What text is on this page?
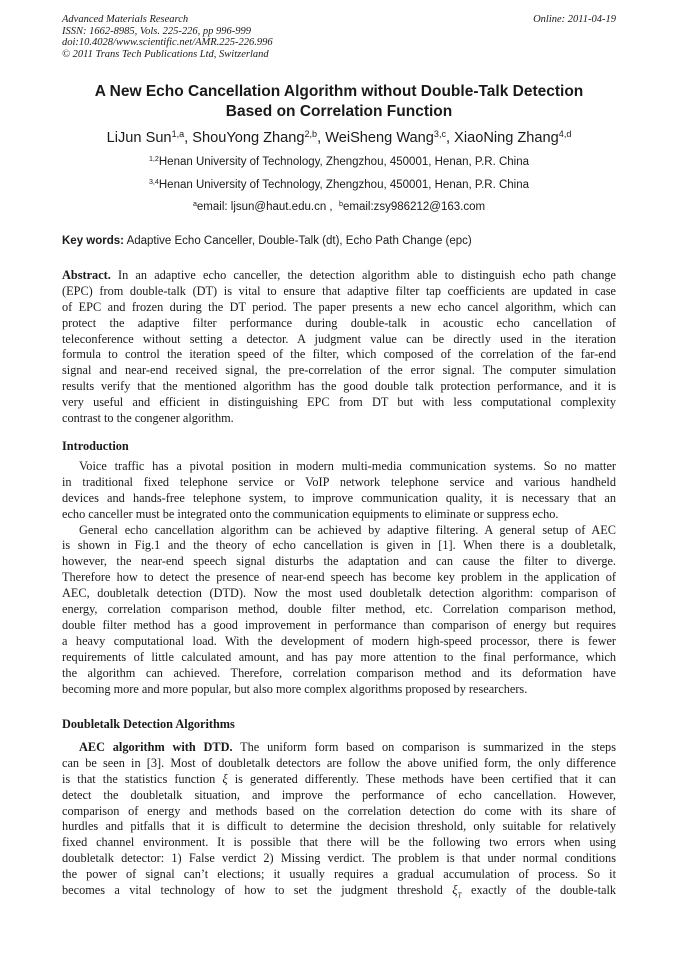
Advanced Materials Research
ISSN: 1662-8985, Vols. 225-226, pp 996-999
doi:10.4028/www.scientific.net/AMR.225-226.996
© 2011 Trans Tech Publications Ltd, Switzerland
Online: 2011-04-19
A New Echo Cancellation Algorithm without Double-Talk Detection
Based on Correlation Function
LiJun Sun$^{1,a}$, ShouYong Zhang$^{2,b}$, WeiSheng Wang$^{3,c}$, XiaoNing Zhang$^{4,d}$
$^{1,2}$Henan University of Technology, Zhengzhou, 450001, Henan, P.R. China
$^{3,4}$Henan University of Technology, Zhengzhou, 450001, Henan, P.R. China
$^a$email: ljsun@haut.edu.cn , $^b$email:zsy986212@163.com
Key words: Adaptive Echo Canceller, Double-Talk (dt), Echo Path Change (epc)
Abstract. In an adaptive echo canceller, the detection algorithm able to distinguish echo path change
(EPC) from double-talk (DT) is vital to ensure that adaptive filter tap coefficients are updated in case
of EPC and frozen during the DT period. The paper presents a new echo cancel algorithm, which can
protect the adaptive filter performance during double-talk in acoustic echo cancellation of
teleconference without setting a detector. A judgment value can be directly used in the iteration
formula to control the iteration speed of the filter, which composed of the correlation of the far-end
signal and near-end received signal, the pre-correlation of the error signal. The computer simulation
results verify that the mentioned algorithm has the good double talk protection performance, and it is
very useful and efficient in distinguishing EPC from DT but with less computational complexity
contrast to the congener algorithm.
Introduction
Voice traffic has a pivotal position in modern multi-media communication systems. So no matter
in traditional fixed telephone service or VoIP network telephone service and various handheld
devices and hands-free telephone system, to improve communication quality, it is necessary that an
echo canceller must be integrated onto the communication equipments to eliminate or suppress echo.
General echo cancellation algorithm can be achieved by adaptive filtering. A general setup of AEC
is shown in Fig.1 and the theory of echo cancellation is given in [1]. When there is a doubletalk,
however, the near-end speech signal disturbs the adaptation and can cause the filter to diverge.
Therefore how to detect the presence of near-end speech has become key problem in the application of
AEC, doubletalk detection (DTD). Now the most used doubletalk detection algorithm: comparison of
energy, correlation comparison method, double filter method, etc. Correlation comparison method,
double filter method has a good improvement in performance than comparison of energy but requires
a heavy computational load. With the development of modern high-speed processor, there is fewer
requirements of little calculated amount, and has pay more attention to the final performance, which
the algorithm can achieved. Therefore, correlation comparison method and its deformation have
becoming more and more popular, but also more complex algorithms proposed by researchers.
Doubletalk Detection Algorithms
AEC algorithm with DTD. The uniform form based on comparison is summarized in the steps
can be seen in [3]. Most of doubletalk detectors are follow the above unified form, the only difference
is that the statistics function ξ is generated differently. These methods have been certified that it can
detect the doubletalk situation, and improve the performance of echo cancellation. However,
comparison of energy and methods based on the correlation detection do come with its share of
hurdles and pitfalls that it is difficult to determine the decision threshold, only suitable for relatively
fixed channel environment. It is possible that there will be the following two errors when using
doubletalk detector: 1) False verdict 2) Missing verdict. The problem is that under normal conditions
the power of signal can’t elections; it usually requires a gradual accumulation of process. So it
becomes a vital technology of how to set the judgment threshold $\xi_T$ exactly of the double-talk
